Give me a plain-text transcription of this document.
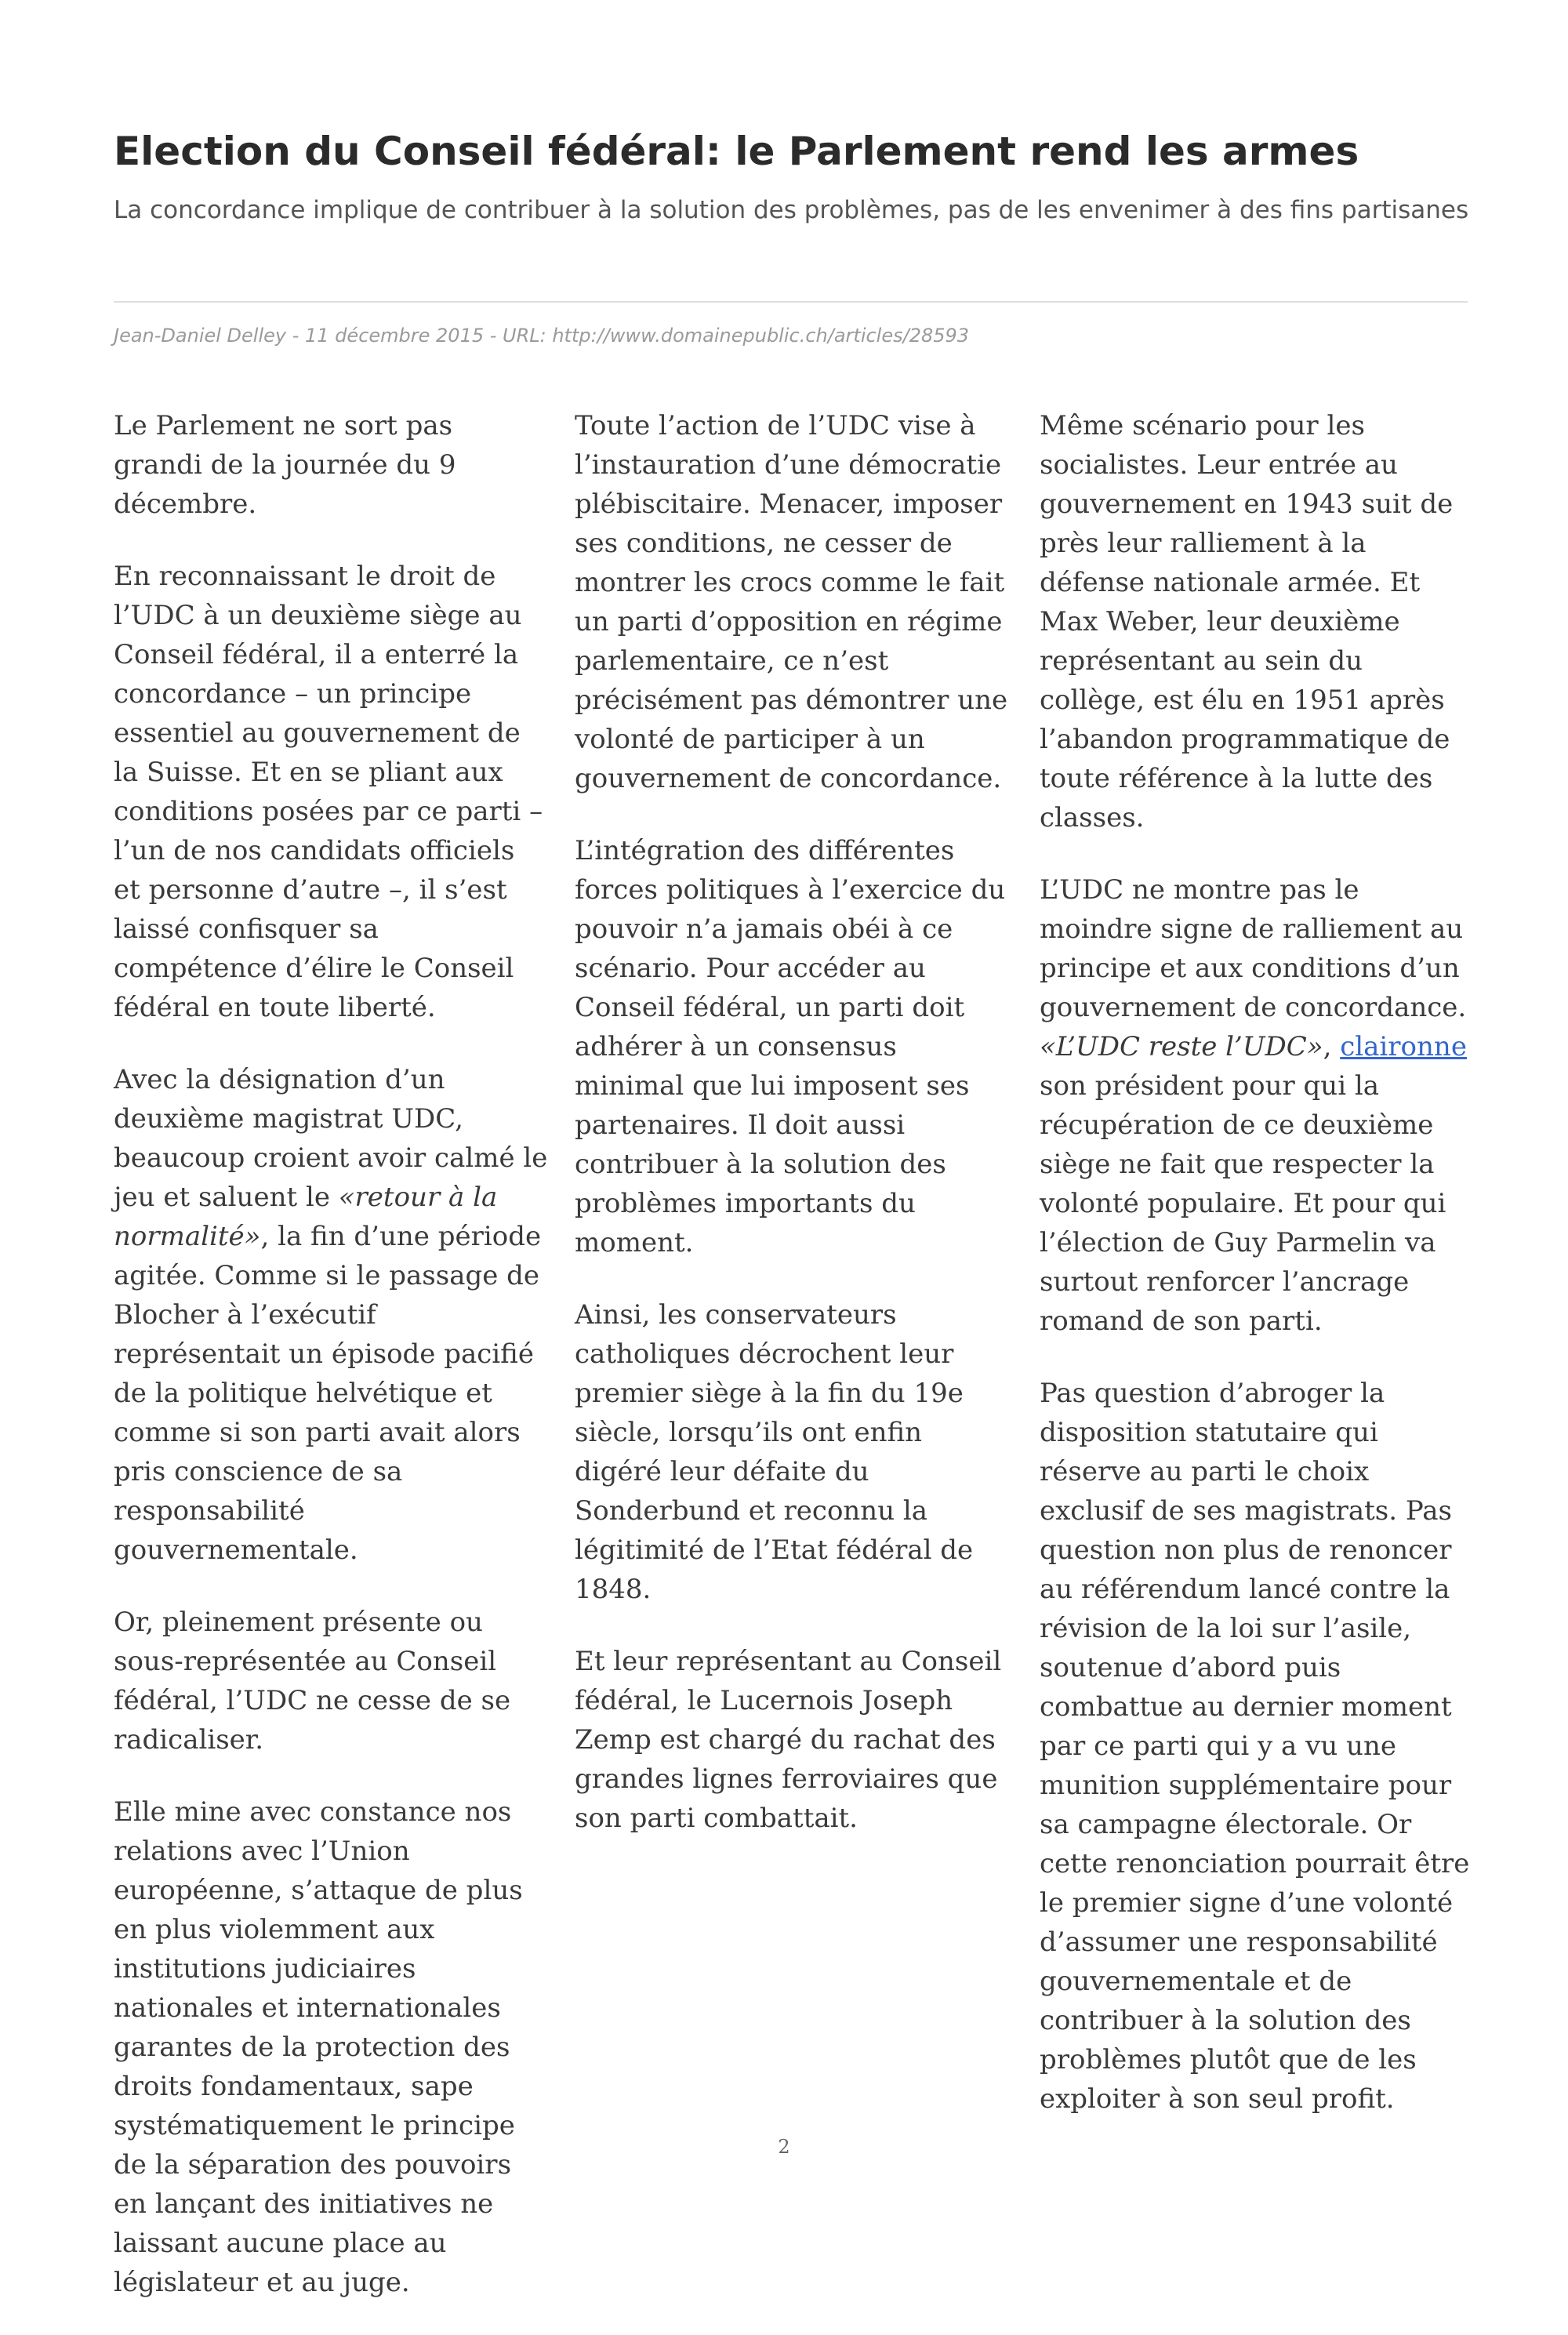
Election du Conseil fédéral: le Parlement rend les armes

La concordance implique de contribuer à la solution des problèmes, pas de les envenimer à des fins partisanes

Jean-Daniel Delley - 11 décembre 2015 - URL: http://www.domainepublic.ch/articles/28593

Le Parlement ne sort pas grandi de la journée du 9 décembre.

En reconnaissant le droit de l’UDC à un deuxième siège au Conseil fédéral, il a enterré la concordance – un principe essentiel au gouvernement de la Suisse. Et en se pliant aux conditions posées par ce parti – l’un de nos candidats officiels et personne d’autre –, il s’est laissé confisquer sa compétence d’élire le Conseil fédéral en toute liberté.

Avec la désignation d’un deuxième magistrat UDC, beaucoup croient avoir calmé le jeu et saluent le «retour à la normalité», la fin d’une période agitée. Comme si le passage de Blocher à l’exécutif représentait un épisode pacifié de la politique helvétique et comme si son parti avait alors pris conscience de sa responsabilité gouvernementale.

Or, pleinement présente ou sous-représentée au Conseil fédéral, l’UDC ne cesse de se radicaliser.

Elle mine avec constance nos relations avec l’Union européenne, s’attaque de plus en plus violemment aux institutions judiciaires nationales et internationales garantes de la protection des droits fondamentaux, sape systématiquement le principe de la séparation des pouvoirs en lançant des initiatives ne laissant aucune place au législateur et au juge.

Toute l’action de l’UDC vise à l’instauration d’une démocratie plébiscitaire. Menacer, imposer ses conditions, ne cesser de montrer les crocs comme le fait un parti d’opposition en régime parlementaire, ce n’est précisément pas démontrer une volonté de participer à un gouvernement de concordance.

L’intégration des différentes forces politiques à l’exercice du pouvoir n’a jamais obéi à ce scénario. Pour accéder au Conseil fédéral, un parti doit adhérer à un consensus minimal que lui imposent ses partenaires. Il doit aussi contribuer à la solution des problèmes importants du moment.

Ainsi, les conservateurs catholiques décrochent leur premier siège à la fin du 19e siècle, lorsqu’ils ont enfin digéré leur défaite du Sonderbund et reconnu la légitimité de l’Etat fédéral de 1848.

Et leur représentant au Conseil fédéral, le Lucernois Joseph Zemp est chargé du rachat des grandes lignes ferroviaires que son parti combattait.

Même scénario pour les socialistes. Leur entrée au gouvernement en 1943 suit de près leur ralliement à la défense nationale armée. Et Max Weber, leur deuxième représentant au sein du collège, est élu en 1951 après l’abandon programmatique de toute référence à la lutte des classes.

L’UDC ne montre pas le moindre signe de ralliement au principe et aux conditions d’un gouvernement de concordance. «L’UDC reste l’UDC», claironne son président pour qui la récupération de ce deuxième siège ne fait que respecter la volonté populaire. Et pour qui l’élection de Guy Parmelin va surtout renforcer l’ancrage romand de son parti.

Pas question d’abroger la disposition statutaire qui réserve au parti le choix exclusif de ses magistrats. Pas question non plus de renoncer au référendum lancé contre la révision de la loi sur l’asile, soutenue d’abord puis combattue au dernier moment par ce parti qui y a vu une munition supplémentaire pour sa campagne électorale. Or cette renonciation pourrait être le premier signe d’une volonté d’assumer une responsabilité gouvernementale et de contribuer à la solution des problèmes plutôt que de les exploiter à son seul profit.

2
